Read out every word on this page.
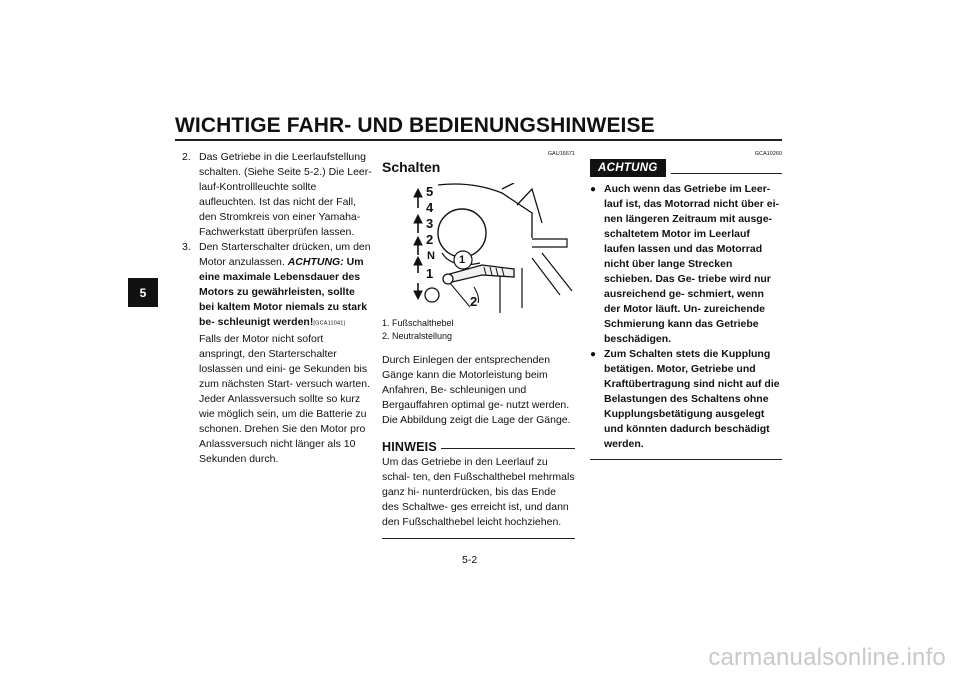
WICHTIGE FAHR- UND BEDIENUNGSHINWEISE
5
2. Das Getriebe in die Leerlaufstellung schalten. (Siehe Seite 5-2.) Die Leer- lauf-Kontrollleuchte sollte aufleuchten. Ist das nicht der Fall, den Stromkreis von einer Yamaha-Fachwerkstatt überprüfen lassen.
3. Den Starterschalter drücken, um den Motor anzulassen. ACHTUNG: Um eine maximale Lebensdauer des Motors zu gewährleisten, sollte bei kaltem Motor niemals zu stark be- schleunigt werden![GCA11041]
Falls der Motor nicht sofort anspringt, den Starterschalter loslassen und eini- ge Sekunden bis zum nächsten Start- versuch warten. Jeder Anlassversuch sollte so kurz wie möglich sein, um die Batterie zu schonen. Drehen Sie den Motor pro Anlassversuch nicht länger als 10 Sekunden durch.

GAU16671

Schalten
5
4
3
2
N
1
1
2
1. Fußschalthebel
2. Neutralstellung

Durch Einlegen der entsprechenden Gänge kann die Motorleistung beim Anfahren, Be- schleunigen und Bergauffahren optimal ge- nutzt werden.
Die Abbildung zeigt die Lage der Gänge.

HINWEIS

Um das Getriebe in den Leerlauf zu schal- ten, den Fußschalthebel mehrmals ganz hi- nunterdrücken, bis das Ende des Schaltwe- ges erreicht ist, und dann den Fußschalthebel leicht hochziehen.

GCA10260

ACHTUNG
● Auch wenn das Getriebe im Leer- lauf ist, das Motorrad nicht über ei- nen längeren Zeitraum mit ausge- schaltetem Motor im Leerlauf laufen lassen und das Motorrad nicht über lange Strecken schieben. Das Ge- triebe wird nur ausreichend ge- schmiert, wenn der Motor läuft. Un- zureichende Schmierung kann das Getriebe beschädigen.
● Zum Schalten stets die Kupplung betätigen. Motor, Getriebe und Kraftübertragung sind nicht auf die Belastungen des Schaltens ohne Kupplungsbetätigung ausgelegt und könnten dadurch beschädigt werden.
5-2
carmanualsonline.info
